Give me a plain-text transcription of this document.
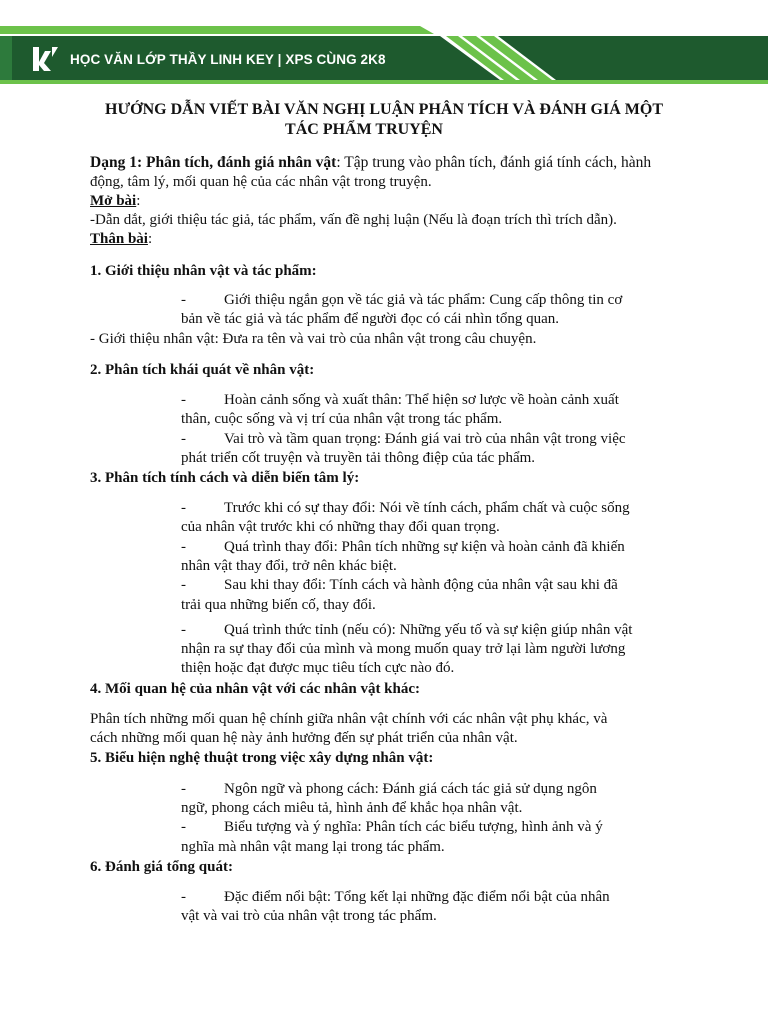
HỌC VĂN LỚP THẦY LINH KEY | XPS CÙNG 2K8
HƯỚNG DẪN VIẾT BÀI VĂN NGHỊ LUẬN PHÂN TÍCH VÀ ĐÁNH GIÁ MỘT
TÁC PHẨM TRUYỆN
Dạng 1: Phân tích, đánh giá nhân vật: Tập trung vào phân tích, đánh giá tính cách, hành
động, tâm lý, mối quan hệ của các nhân vật trong truyện.
Mở bài:
-Dẫn dắt, giới thiệu tác giả, tác phẩm, vấn đề nghị luận (Nếu là đoạn trích thì trích dẫn).
Thân bài:
1. Giới thiệu nhân vật và tác phẩm:
-	Giới thiệu ngắn gọn về tác giả và tác phẩm: Cung cấp thông tin cơ
bản về tác giả và tác phẩm để người đọc có cái nhìn tổng quan.
- Giới thiệu nhân vật: Đưa ra tên và vai trò của nhân vật trong câu chuyện.
2. Phân tích khái quát về nhân vật:
-	Hoàn cảnh sống và xuất thân: Thể hiện sơ lược về hoàn cảnh xuất
thân, cuộc sống và vị trí của nhân vật trong tác phẩm.
-	Vai trò và tầm quan trọng: Đánh giá vai trò của nhân vật trong việc
phát triển cốt truyện và truyền tải thông điệp của tác phẩm.
3. Phân tích tính cách và diễn biến tâm lý:
-	Trước khi có sự thay đổi: Nói về tính cách, phẩm chất và cuộc sống
của nhân vật trước khi có những thay đổi quan trọng.
-	Quá trình thay đổi: Phân tích những sự kiện và hoàn cảnh đã khiến
nhân vật thay đổi, trở nên khác biệt.
-	Sau khi thay đổi: Tính cách và hành động của nhân vật sau khi đã
trải qua những biến cố, thay đổi.
-	Quá trình thức tỉnh (nếu có): Những yếu tố và sự kiện giúp nhân vật
nhận ra sự thay đổi của mình và mong muốn quay trở lại làm người lương
thiện hoặc đạt được mục tiêu tích cực nào đó.
4. Mối quan hệ của nhân vật với các nhân vật khác:
Phân tích những mối quan hệ chính giữa nhân vật chính với các nhân vật phụ khác, và
cách những mối quan hệ này ảnh hưởng đến sự phát triển của nhân vật.
5. Biểu hiện nghệ thuật trong việc xây dựng nhân vật:
-	Ngôn ngữ và phong cách: Đánh giá cách tác giả sử dụng ngôn
ngữ, phong cách miêu tả, hình ảnh để khắc họa nhân vật.
-	Biểu tượng và ý nghĩa: Phân tích các biểu tượng, hình ảnh và ý
nghĩa mà nhân vật mang lại trong tác phẩm.
6. Đánh giá tổng quát:
-	Đặc điểm nổi bật: Tổng kết lại những đặc điểm nổi bật của nhân
vật và vai trò của nhân vật trong tác phẩm.
